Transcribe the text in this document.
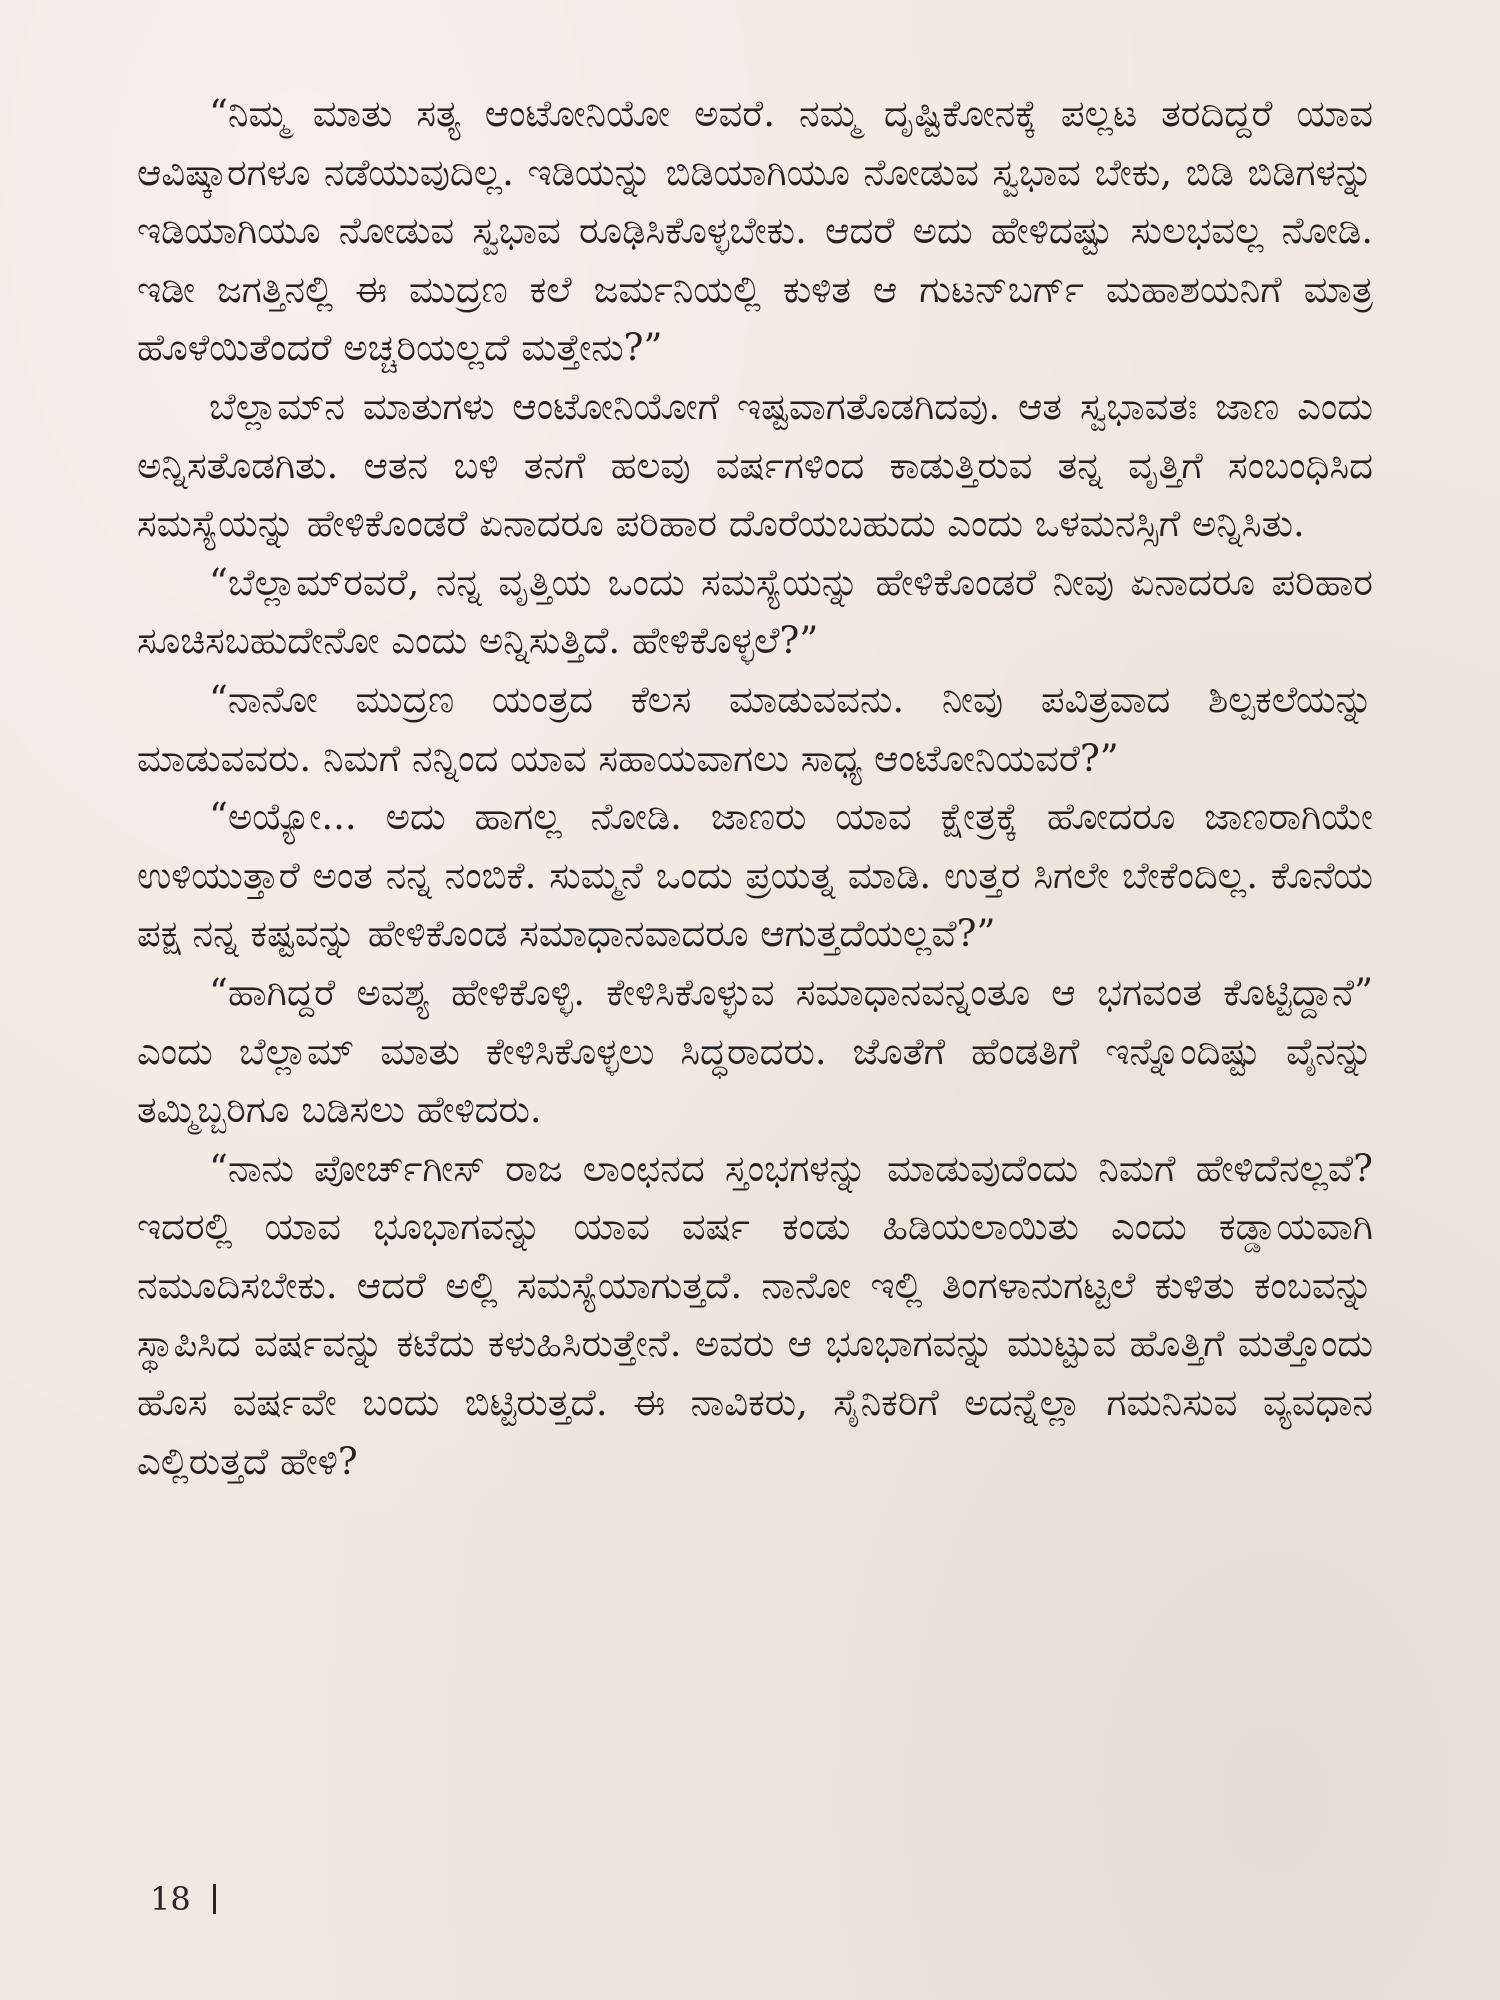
“ನಿಮ್ಮ ಮಾತು ಸತ್ಯ ಆಂಟೋನಿಯೋ ಅವರೆ. ನಮ್ಮ ದೃಷ್ಟಿಕೋನಕ್ಕೆ ಪಲ್ಲಟ ತರದಿದ್ದರೆ ಯಾವ ಆವಿಷ್ಕಾರಗಳೂ ನಡೆಯುವುದಿಲ್ಲ. ಇಡಿಯನ್ನು ಬಿಡಿಯಾಗಿಯೂ ನೋಡುವ ಸ್ವಭಾವ ಬೇಕು, ಬಿಡಿ ಬಿಡಿಗಳನ್ನು ಇಡಿಯಾಗಿಯೂ ನೋಡುವ ಸ್ವಭಾವ ರೂಢಿಸಿಕೊಳ್ಳಬೇಕು. ಆದರೆ ಅದು ಹೇಳಿದಷ್ಟು ಸುಲಭವಲ್ಲ ನೋಡಿ. ಇಡೀ ಜಗತ್ತಿನಲ್ಲಿ ಈ ಮುದ್ರಣ ಕಲೆ ಜರ್ಮನಿಯಲ್ಲಿ ಕುಳಿತ ಆ ಗುಟನ್‌ಬರ್ಗ್ ಮಹಾಶಯನಿಗೆ ಮಾತ್ರ ಹೊಳೆಯಿತೆಂದರೆ ಅಚ್ಚರಿಯಲ್ಲದೆ ಮತ್ತೇನು?”

ಬೆಲ್ಲಾಮ್‌ನ ಮಾತುಗಳು ಆಂಟೋನಿಯೋಗೆ ಇಷ್ಟವಾಗತೊಡಗಿದವು. ಆತ ಸ್ವಭಾವತಃ ಜಾಣ ಎಂದು ಅನ್ನಿಸತೊಡಗಿತು. ಆತನ ಬಳಿ ತನಗೆ ಹಲವು ವರ್ಷಗಳಿಂದ ಕಾಡುತ್ತಿರುವ ತನ್ನ ವೃತ್ತಿಗೆ ಸಂಬಂಧಿಸಿದ ಸಮಸ್ಯೆಯನ್ನು ಹೇಳಿಕೊಂಡರೆ ಏನಾದರೂ ಪರಿಹಾರ ದೊರೆಯಬಹುದು ಎಂದು ಒಳಮನಸ್ಸಿಗೆ ಅನ್ನಿಸಿತು.

“ಬೆಲ್ಲಾಮ್‌ರವರೆ, ನನ್ನ ವೃತ್ತಿಯ ಒಂದು ಸಮಸ್ಯೆಯನ್ನು ಹೇಳಿಕೊಂಡರೆ ನೀವು ಏನಾದರೂ ಪರಿಹಾರ ಸೂಚಿಸಬಹುದೇನೋ ಎಂದು ಅನ್ನಿಸುತ್ತಿದೆ. ಹೇಳಿಕೊಳ್ಳಲೆ?”

“ನಾನೋ ಮುದ್ರಣ ಯಂತ್ರದ ಕೆಲಸ ಮಾಡುವವನು. ನೀವು ಪವಿತ್ರವಾದ ಶಿಲ್ಪಕಲೆಯನ್ನು ಮಾಡುವವರು. ನಿಮಗೆ ನನ್ನಿಂದ ಯಾವ ಸಹಾಯವಾಗಲು ಸಾಧ್ಯ ಆಂಟೋನಿಯವರೆ?”

“ಅಯ್ಯೋ... ಅದು ಹಾಗಲ್ಲ ನೋಡಿ. ಜಾಣರು ಯಾವ ಕ್ಷೇತ್ರಕ್ಕೆ ಹೋದರೂ ಜಾಣರಾಗಿಯೇ ಉಳಿಯುತ್ತಾರೆ ಅಂತ ನನ್ನ ನಂಬಿಕೆ. ಸುಮ್ಮನೆ ಒಂದು ಪ್ರಯತ್ನ ಮಾಡಿ. ಉತ್ತರ ಸಿಗಲೇ ಬೇಕೆಂದಿಲ್ಲ. ಕೊನೆಯ ಪಕ್ಷ ನನ್ನ ಕಷ್ಟವನ್ನು ಹೇಳಿಕೊಂಡ ಸಮಾಧಾನವಾದರೂ ಆಗುತ್ತದೆಯಲ್ಲವೆ?”

“ಹಾಗಿದ್ದರೆ ಅವಶ್ಯ ಹೇಳಿಕೊಳ್ಳಿ. ಕೇಳಿಸಿಕೊಳ್ಳುವ ಸಮಾಧಾನವನ್ನಂತೂ ಆ ಭಗವಂತ ಕೊಟ್ಟಿದ್ದಾನೆ” ಎಂದು ಬೆಲ್ಲಾಮ್ ಮಾತು ಕೇಳಿಸಿಕೊಳ್ಳಲು ಸಿದ್ಧರಾದರು. ಜೊತೆಗೆ ಹೆಂಡತಿಗೆ ಇನ್ನೊಂದಿಷ್ಟು ವೈನನ್ನು ತಮ್ಮಿಬ್ಬರಿಗೂ ಬಡಿಸಲು ಹೇಳಿದರು.

“ನಾನು ಪೋರ್ಚ್‌ಗೀಸ್ ರಾಜ ಲಾಂಛನದ ಸ್ತಂಭಗಳನ್ನು ಮಾಡುವುದೆಂದು ನಿಮಗೆ ಹೇಳಿದೆನಲ್ಲವೆ? ಇದರಲ್ಲಿ ಯಾವ ಭೂಭಾಗವನ್ನು ಯಾವ ವರ್ಷ ಕಂಡು ಹಿಡಿಯಲಾಯಿತು ಎಂದು ಕಡ್ಡಾಯವಾಗಿ ನಮೂದಿಸಬೇಕು. ಆದರೆ ಅಲ್ಲಿ ಸಮಸ್ಯೆಯಾಗುತ್ತದೆ. ನಾನೋ ಇಲ್ಲಿ ತಿಂಗಳಾನುಗಟ್ಟಲೆ ಕುಳಿತು ಕಂಬವನ್ನು ಸ್ಥಾಪಿಸಿದ ವರ್ಷವನ್ನು ಕಟೆದು ಕಳುಹಿಸಿರುತ್ತೇನೆ. ಅವರು ಆ ಭೂಭಾಗವನ್ನು ಮುಟ್ಟುವ ಹೊತ್ತಿಗೆ ಮತ್ತೊಂದು ಹೊಸ ವರ್ಷವೇ ಬಂದು ಬಿಟ್ಟಿರುತ್ತದೆ. ಈ ನಾವಿಕರು, ಸೈನಿಕರಿಗೆ ಅದನ್ನೆಲ್ಲಾ ಗಮನಿಸುವ ವ್ಯವಧಾನ ಎಲ್ಲಿರುತ್ತದೆ ಹೇಳಿ?

18
